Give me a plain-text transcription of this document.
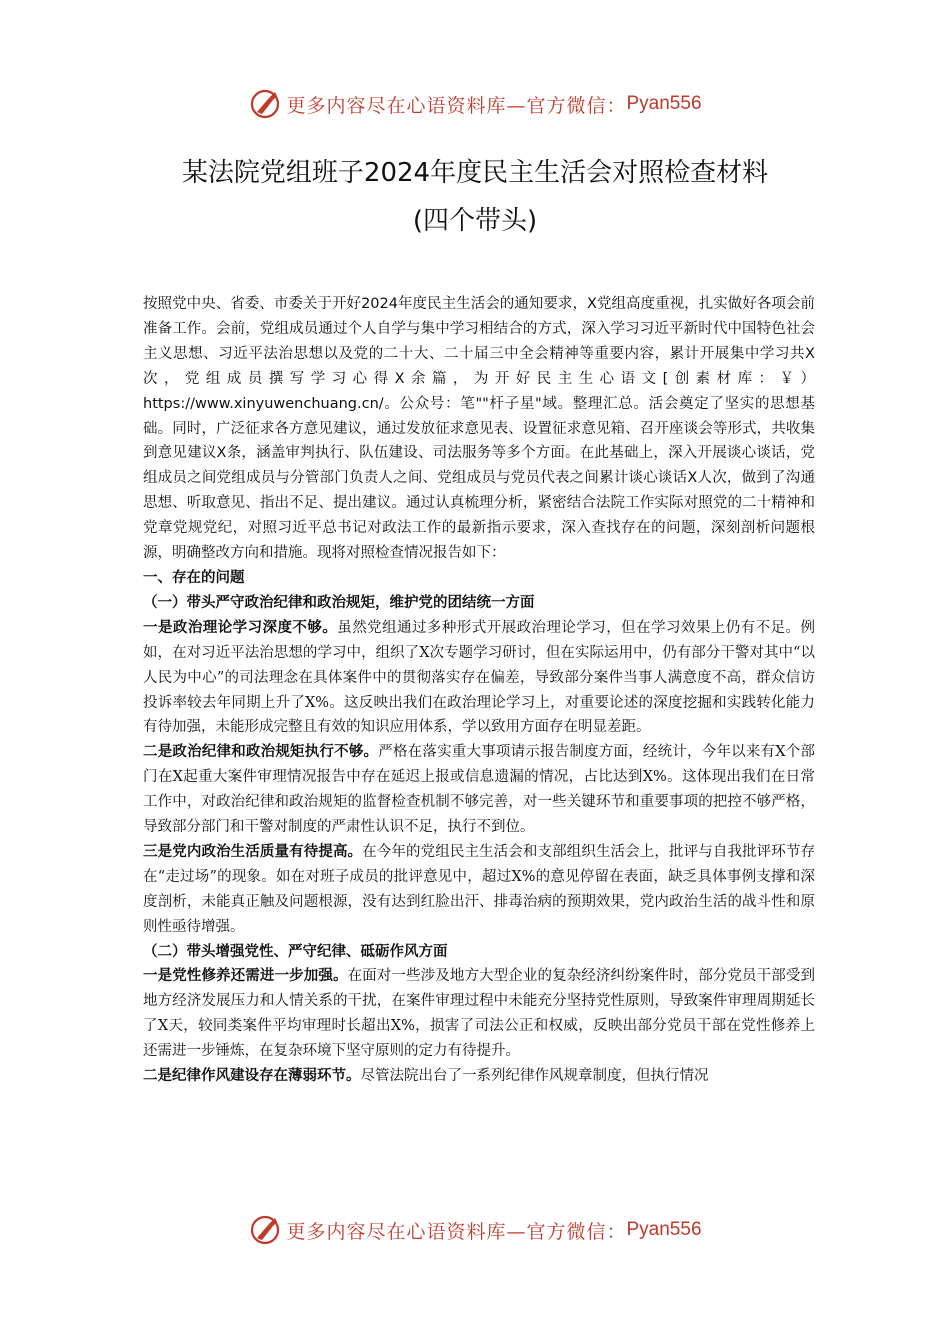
更多内容尽在心语资料库—官方微信： Pyan556
某法院党组班子2024年度民主生活会对照检查材料
(四个带头)

按照党中央、省委、市委关于开好2024年度民主生活会的通知要求，X党组高度重视，扎实做好各项会前准备工作。会前，党组成员通过个人自学与集中学习相结合的方式，深入学习习近平新时代中国特色社会主义思想、习近平法治思想以及党的二十大、二十届三中全会精神等重要内容，累计开展集中学习共X次，党组成员撰写学习心得X余篇，为开好民主生心语文[创素材库：￥）https://www.xinyuwenchuang.cn/。公众号：笔""杆子星"域。整理汇总。活会奠定了坚实的思想基础。同时，广泛征求各方意见建议，通过发放征求意见表、设置征求意见箱、召开座谈会等形式，共收集到意见建议X条，涵盖审判执行、队伍建设、司法服务等多个方面。在此基础上，深入开展谈心谈话，党组成员之间党组成员与分管部门负责人之间、党组成员与党员代表之间累计谈心谈话X人次，做到了沟通思想、听取意见、指出不足、提出建议。通过认真梳理分析，紧密结合法院工作实际对照党的二十精神和党章党规党纪，对照习近平总书记对政法工作的最新指示要求，深入查找存在的问题，深刻剖析问题根源，明确整改方向和措施。现将对照检查情况报告如下：

一、存在的问题

（一）带头严守政治纪律和政治规矩，维护党的团结统一方面

一是政治理论学习深度不够。虽然党组通过多种形式开展政治理论学习，但在学习效果上仍有不足。例如，在对习近平法治思想的学习中，组织了X次专题学习研讨，但在实际运用中，仍有部分干警对其中“以人民为中心”的司法理念在具体案件中的贯彻落实存在偏差，导致部分案件当事人满意度不高，群众信访投诉率较去年同期上升了X%。这反映出我们在政治理论学习上，对重要论述的深度挖掘和实践转化能力有待加强，未能形成完整且有效的知识应用体系，学以致用方面存在明显差距。

二是政治纪律和政治规矩执行不够。严格在落实重大事项请示报告制度方面，经统计，今年以来有X个部门在X起重大案件审理情况报告中存在延迟上报或信息遗漏的情况，占比达到X%。这体现出我们在日常工作中，对政治纪律和政治规矩的监督检查机制不够完善，对一些关键环节和重要事项的把控不够严格，导致部分部门和干警对制度的严肃性认识不足，执行不到位。

三是党内政治生活质量有待提高。在今年的党组民主生活会和支部组织生活会上，批评与自我批评环节存在“走过场”的现象。如在对班子成员的批评意见中，超过X%的意见停留在表面，缺乏具体事例支撑和深度剖析，未能真正触及问题根源，没有达到红脸出汗、排毒治病的预期效果，党内政治生活的战斗性和原则性亟待增强。

（二）带头增强党性、严守纪律、砥砺作风方面

一是党性修养还需进一步加强。在面对一些涉及地方大型企业的复杂经济纠纷案件时，部分党员干部受到地方经济发展压力和人情关系的干扰，在案件审理过程中未能充分坚持党性原则，导致案件审理周期延长了X天，较同类案件平均审理时长超出X%，损害了司法公正和权威，反映出部分党员干部在党性修养上还需进一步锤炼，在复杂环境下坚守原则的定力有待提升。

二是纪律作风建设存在薄弱环节。尽管法院出台了一系列纪律作风规章制度，但执行情况

更多内容尽在心语资料库—官方微信： Pyan556
